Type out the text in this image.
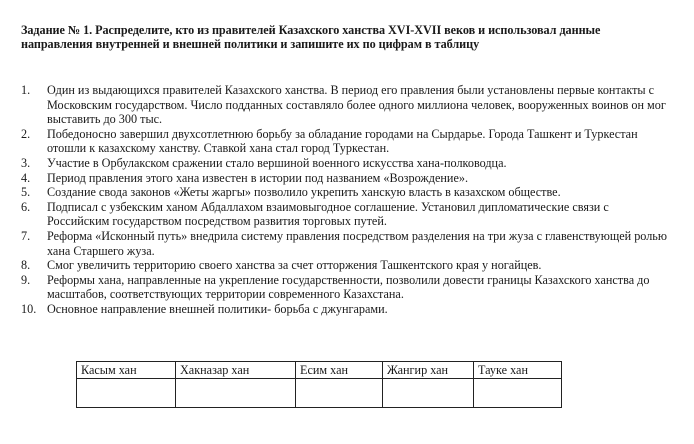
Задание № 1. Распределите, кто из правителей Казахского ханства XVI-XVII веков и использовал данные направления внутренней и внешней политики и запишите их по цифрам в таблицу
1.	Один из выдающихся правителей Казахского ханства. В период его правления были установлены первые контакты с Московским государством. Число подданных составляло более одного миллиона человек, вооруженных воинов он мог выставить до 300 тыс.
2.	Победоносно завершил двухсотлетнюю борьбу за обладание городами на Сырдарье. Города Ташкент и Туркестан отошли к казахскому ханству. Ставкой хана стал город Туркестан.
3.	Участие в Орбулакском сражении стало вершиной военного искусства хана-полководца.
4.	Период правления этого хана известен в истории под названием «Возрождение».
5.	Создание свода законов «Жеты жаргы» позволило укрепить ханскую власть в казахском обществе.
6.	Подписал с узбекским ханом Абдаллахом взаимовыгодное соглашение. Установил дипломатические связи с Российским государством посредством развития торговых путей.
7.	Реформа «Исконный путь» внедрила систему правления посредством разделения на три жуза с главенствующей ролью хана Старшего жуза.
8.	Смог увеличить территорию своего ханства за счет отторжения Ташкентского края у ногайцев.
9.	Реформы хана, направленные на укрепление государственности, позволили довести границы Казахского ханства до масштабов, соответствующих территории современного Казахстана.
10. Основное направление внешней политики- борьба с джунгарами.
Касым хан	Хакназар хан	Есим хан	Жангир хан	Тауке хан
